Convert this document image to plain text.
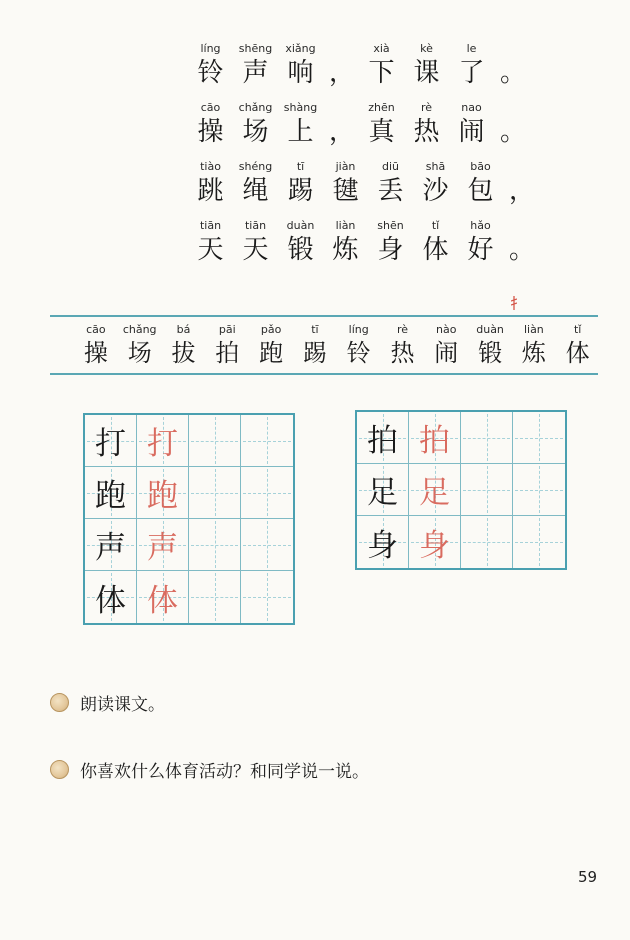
líng
铃
shēng
声
xiǎng
响 ，
xià
下
kè
课
le
了 。
cāo
操
chǎng
场
shàng
上 ，
zhēn
真
rè
热
nao
闹 。
tiào
跳
shéng
绳
tī
踢
jiàn
毽
diū
丢
shā
沙
bāo
包 ，
tiān
天
tiān
天
duàn
锻
liàn
炼
shēn
身
tǐ
体
hǎo
好 。
cāo
操
chǎng
场
bá
拔
pāi
拍
pǎo
跑
tī
踢
líng
铃
rè
热
nào
闹
duàn
锻
liàn
炼
tǐ
体
打 打
跑 跑
声 声
体 体
拍 拍
足 足
身 身
朗读课文。
你喜欢什么体育活动？和同学说一说。
59
